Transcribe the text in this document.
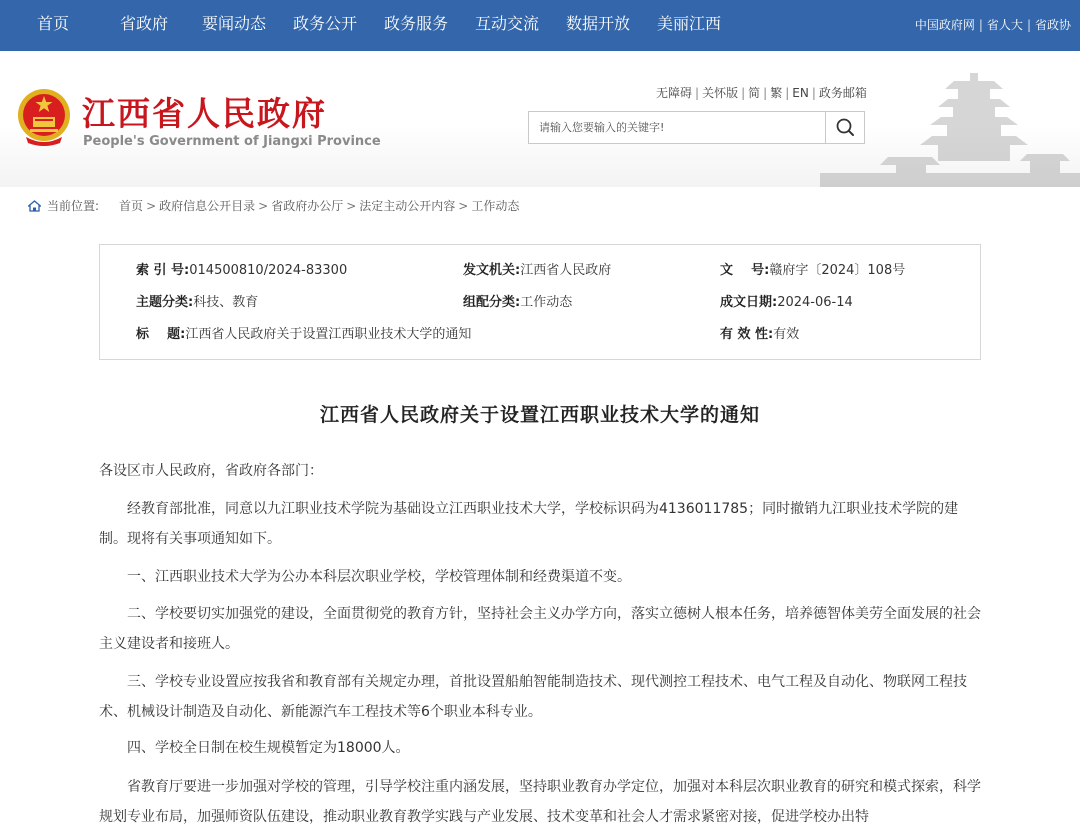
首页	省政府 要闻动态 政务公开 政务服务 互动交流 数据开放 美丽江西	中国政府网 | 省人大 | 省政协
江西省人民政府
People's Government of Jiangxi Province
无障碍 | 关怀版 | 简 | 繁 | EN | 政务邮箱
请输入您要输入的关键字!
当前位置: 首页 > 政府信息公开目录 > 省政府办公厅 > 法定主动公开内容 > 工作动态
索 引 号:014500810/2024-83300	发文机关:江西省人民政府	文    号:赣府字〔2024〕108号
主题分类:科技、教育	组配分类:工作动态	成文日期:2024-06-14
标    题:江西省人民政府关于设置江西职业技术大学的通知	有 效 性:有效
江西省人民政府关于设置江西职业技术大学的通知
各设区市人民政府，省政府各部门：
经教育部批准，同意以九江职业技术学院为基础设立江西职业技术大学，学校标识码为4136011785；同时撤销九江职业技术学院的建制。现将有关事项通知如下。
一、江西职业技术大学为公办本科层次职业学校，学校管理体制和经费渠道不变。
二、学校要切实加强党的建设，全面贯彻党的教育方针，坚持社会主义办学方向，落实立德树人根本任务，培养德智体美劳全面发展的社会主义建设者和接班人。
三、学校专业设置应按我省和教育部有关规定办理，首批设置船舶智能制造技术、现代测控工程技术、电气工程及自动化、物联网工程技术、机械设计制造及自动化、新能源汽车工程技术等6个职业本科专业。
四、学校全日制在校生规模暂定为18000人。
省教育厅要进一步加强对学校的管理，引导学校注重内涵发展，坚持职业教育办学定位，加强对本科层次职业教育的研究和模式探索，科学规划专业布局，加强师资队伍建设，推动职业教育教学实践与产业发展、技术变革和社会人才需求紧密对接，促进学校办出特
